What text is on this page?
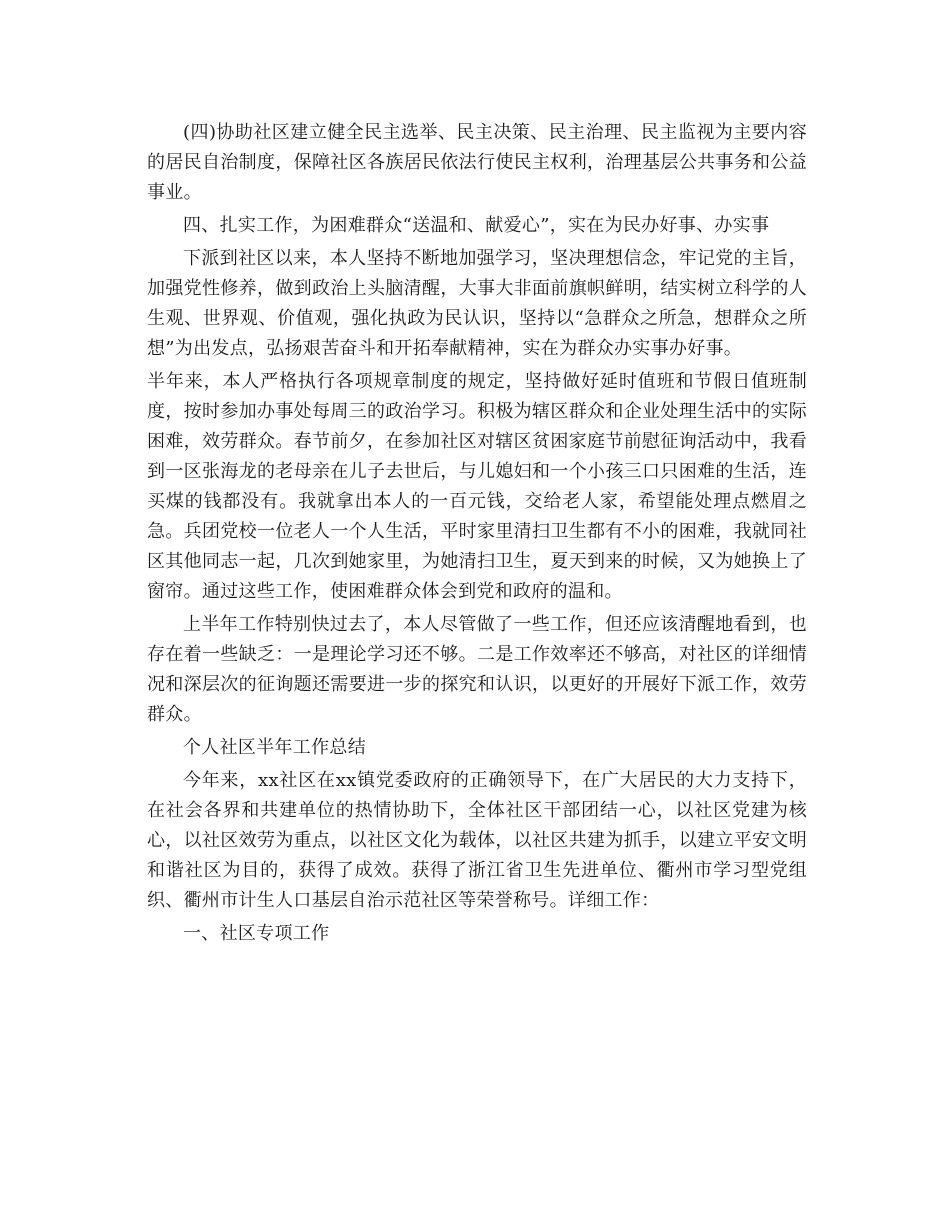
(四)协助社区建立健全民主选举、民主决策、民主治理、民主监视为主要内容的居民自治制度，保障社区各族居民依法行使民主权利，治理基层公共事务和公益事业。

四、扎实工作，为困难群众“送温和、献爱心”，实在为民办好事、办实事

下派到社区以来，本人坚持不断地加强学习，坚决理想信念，牢记党的主旨，加强党性修养，做到政治上头脑清醒，大事大非面前旗帜鲜明，结实树立科学的人生观、世界观、价值观，强化执政为民认识，坚持以“急群众之所急，想群众之所想”为出发点，弘扬艰苦奋斗和开拓奉献精神，实在为群众办实事办好事。

半年来，本人严格执行各项规章制度的规定，坚持做好延时值班和节假日值班制度，按时参加办事处每周三的政治学习。积极为辖区群众和企业处理生活中的实际困难，效劳群众。春节前夕，在参加社区对辖区贫困家庭节前慰征询活动中，我看到一区张海龙的老母亲在儿子去世后，与儿媳妇和一个小孩三口只困难的生活，连买煤的钱都没有。我就拿出本人的一百元钱，交给老人家，希望能处理点燃眉之急。兵团党校一位老人一个人生活，平时家里清扫卫生都有不小的困难，我就同社区其他同志一起，几次到她家里，为她清扫卫生，夏天到来的时候，又为她换上了窗帘。通过这些工作，使困难群众体会到党和政府的温和。

上半年工作特别快过去了，本人尽管做了一些工作，但还应该清醒地看到，也存在着一些缺乏：一是理论学习还不够。二是工作效率还不够高，对社区的详细情况和深层次的征询题还需要进一步的探究和认识，以更好的开展好下派工作，效劳群众。

个人社区半年工作总结

今年来，xx社区在xx镇党委政府的正确领导下，在广大居民的大力支持下，在社会各界和共建单位的热情协助下，全体社区干部团结一心，以社区党建为核心，以社区效劳为重点，以社区文化为载体，以社区共建为抓手，以建立平安文明和谐社区为目的，获得了成效。获得了浙江省卫生先进单位、衢州市学习型党组织、衢州市计生人口基层自治示范社区等荣誉称号。详细工作：

一、社区专项工作
